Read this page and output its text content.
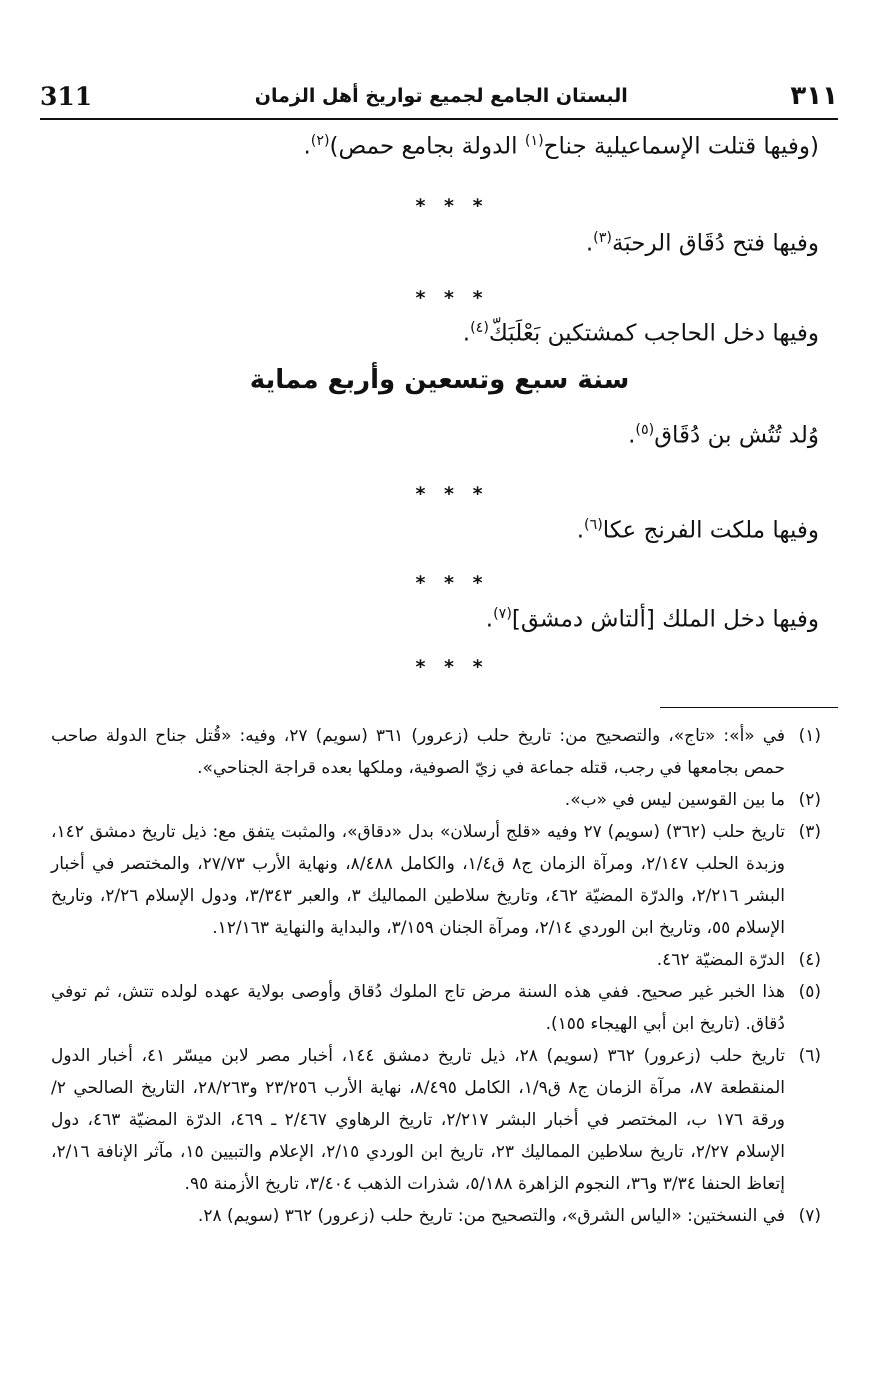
311	البستان الجامع لجميع تواريخ أهل الزمان	٣١١
(وفيها قتلت الإسماعيلية جناح$^{(١)}$ الدولة بجامع حمص)$^{(٢)}$.
* * *
وفيها فتح دُقَاق الرحبَة$^{(٣)}$.
* * *
وفيها دخل الحاجب كمشتكين بَعْلَبَكّ$^{(٤)}$.
سنة سبع وتسعين وأربع مماية
وُلد تُتُش بن دُقَاق$^{(٥)}$.
* * *
وفيها ملكت الفرنج عكا$^{(٦)}$.
* * *
وفيها دخل الملك [ألتاش دمشق]$^{(٧)}$.
* * *

(١)في «أ»: «تاج»، والتصحيح من: تاريخ حلب (زعرور) ٣٦١ (سويم) ٢٧، وفيه: «قُتل جناح الدولة صاحب حمص بجامعها في رجب، قتله جماعة في زيّ الصوفية، وملكها بعده قراجة الجناحي».

(٢)ما بين القوسين ليس في «ب».

(٣)تاريخ حلب (٣٦٢) (سويم) ٢٧ وفيه «قلج أرسلان» بدل «دقاق»، والمثبت يتفق مع: ذيل تاريخ دمشق ١٤٢، وزبدة الحلب ٢/١٤٧، ومرآة الزمان ج٨ ق١/٤، والكامل ٨/٤٨٨، ونهاية الأرب ٢٧/٧٣، والمختصر في أخبار البشر ٢/٢١٦، والدرّة المضيّة ٤٦٢، وتاريخ سلاطين المماليك ٣، والعبر ٣/٣٤٣، ودول الإسلام ٢/٢٦، وتاريخ الإسلام ٥٥، وتاريخ ابن الوردي ٢/١٤، ومرآة الجنان ٣/١٥٩، والبداية والنهاية ١٢/١٦٣.

(٤)الدرّة المضيّة ٤٦٢.

(٥)هذا الخبر غير صحيح. ففي هذه السنة مرض تاج الملوك دُقاق وأوصى بولاية عهده لولده تتش، ثم توفي دُقاق. (تاريخ ابن أبي الهيجاء ١٥٥).

(٦)تاريخ حلب (زعرور) ٣٦٢ (سويم) ٢٨، ذيل تاريخ دمشق ١٤٤، أخبار مصر لابن ميسّر ٤١، أخبار الدول المنقطعة ٨٧، مرآة الزمان ج٨ ق١/٩، الكامل ٨/٤٩٥، نهاية الأرب ٢٣/٢٥٦ و٢٨/٢٦٣، التاريخ الصالحي ٢/ورقة ١٧٦ ب، المختصر في أخبار البشر ٢/٢١٧، تاريخ الرهاوي ٢/٤٦٧ ـ ٤٦٩، الدرّة المضيّة ٤٦٣، دول الإسلام ٢/٢٧، تاريخ سلاطين المماليك ٢٣، تاريخ ابن الوردي ٢/١٥، الإعلام والتبيين ١٥، مآثر الإنافة ٢/١٦، إتعاظ الحنفا ٣/٣٤ و٣٦، النجوم الزاهرة ٥/١٨٨، شذرات الذهب ٣/٤٠٤، تاريخ الأزمنة ٩٥.

(٧)في النسختين: «الياس الشرق»، والتصحيح من: تاريخ حلب (زعرور) ٣٦٢ (سويم) ٢٨.
